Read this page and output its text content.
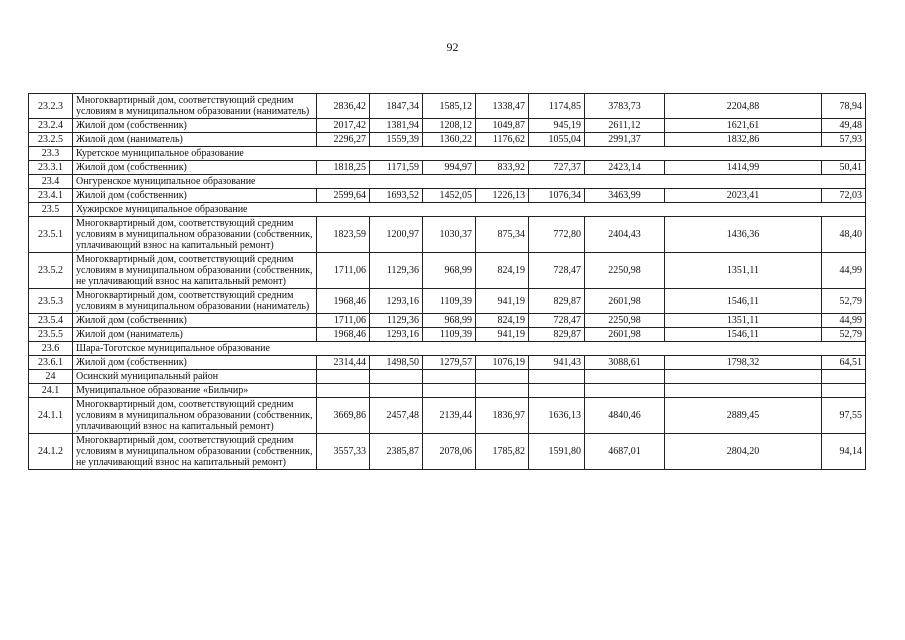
92
23.2.3	Многоквартирный дом, соответствующий средним условиям в муниципальном образовании (наниматель)	2836,42	1847,34	1585,12	1338,47	1174,85	3783,73	2204,88	78,94
23.2.4	Жилой дом (собственник)	2017,42	1381,94	1208,12	1049,87	945,19	2611,12	1621,61	49,48
23.2.5	Жилой дом (наниматель)	2296,27	1559,39	1360,22	1176,62	1055,04	2991,37	1832,86	57,93
23.3	Куретское муниципальное образование								
23.3.1	Жилой дом (собственник)	1818,25	1171,59	994,97	833,92	727,37	2423,14	1414,99	50,41
23.4	Онгуренское муниципальное образование								
23.4.1	Жилой дом (собственник)	2599,64	1693,52	1452,05	1226,13	1076,34	3463,99	2023,41	72,03
23.5	Хужирское муниципальное образование								
23.5.1	Многоквартирный дом, соответствующий средним условиям в муниципальном образовании (собственник, уплачивающий взнос на капитальный ремонт)	1823,59	1200,97	1030,37	875,34	772,80	2404,43	1436,36	48,40
23.5.2	Многоквартирный дом, соответствующий средним условиям в муниципальном образовании (собственник, не уплачивающий взнос на капитальный ремонт)	1711,06	1129,36	968,99	824,19	728,47	2250,98	1351,11	44,99
23.5.3	Многоквартирный дом, соответствующий средним условиям в муниципальном образовании (наниматель)	1968,46	1293,16	1109,39	941,19	829,87	2601,98	1546,11	52,79
23.5.4	Жилой дом (собственник)	1711,06	1129,36	968,99	824,19	728,47	2250,98	1351,11	44,99
23.5.5	Жилой дом (наниматель)	1968,46	1293,16	1109,39	941,19	829,87	2601,98	1546,11	52,79
23.6	Шара-Тоготское муниципальное образование								
23.6.1	Жилой дом (собственник)	2314,44	1498,50	1279,57	1076,19	941,43	3088,61	1798,32	64,51
24	Осинский муниципальный район								
24.1	Муниципальное образование «Бильчир»								
24.1.1	Многоквартирный дом, соответствующий средним условиям в муниципальном образовании (собственник, уплачивающий взнос на капитальный ремонт)	3669,86	2457,48	2139,44	1836,97	1636,13	4840,46	2889,45	97,55
24.1.2	Многоквартирный дом, соответствующий средним условиям в муниципальном образовании (собственник, не уплачивающий взнос на капитальный ремонт)	3557,33	2385,87	2078,06	1785,82	1591,80	4687,01	2804,20	94,14
